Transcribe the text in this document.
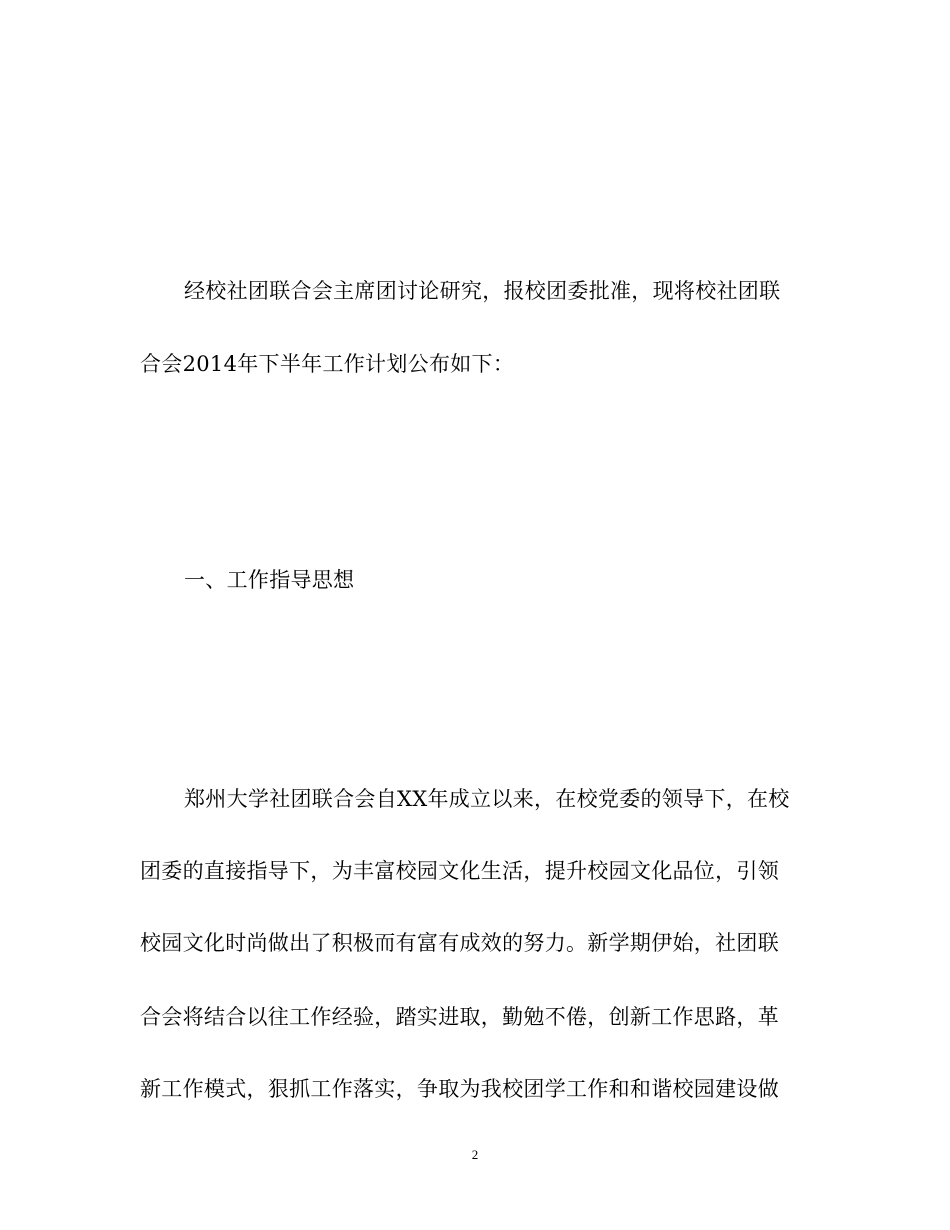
经校社团联合会主席团讨论研究，报校团委批准，现将校社团联
合会2014年下半年工作计划公布如下：
一、工作指导思想
郑州大学社团联合会自XX年成立以来，在校党委的领导下，在校
团委的直接指导下，为丰富校园文化生活，提升校园文化品位，引领
校园文化时尚做出了积极而有富有成效的努力。新学期伊始，社团联
合会将结合以往工作经验，踏实进取，勤勉不倦，创新工作思路，革
新工作模式，狠抓工作落实，争取为我校团学工作和和谐校园建设做
2
